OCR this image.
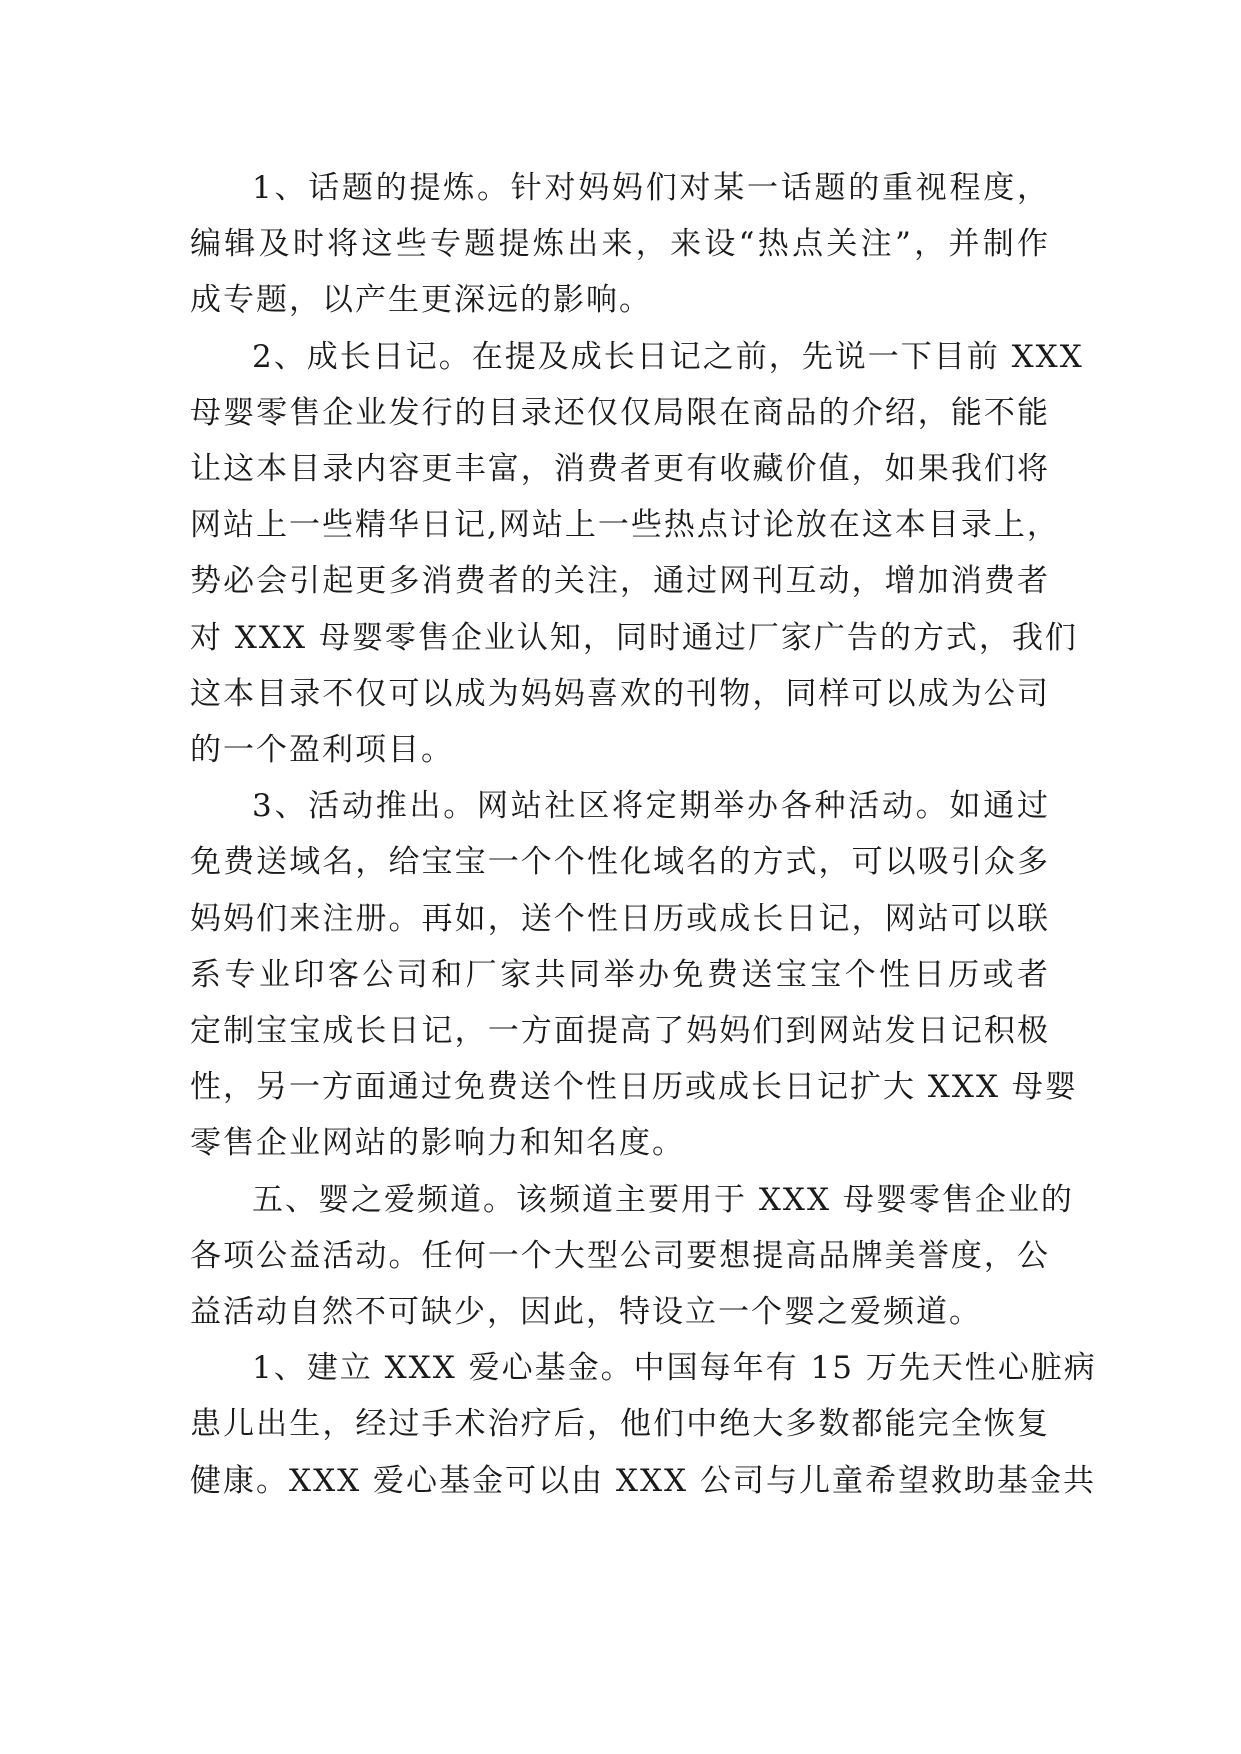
1、话题的提炼。针对妈妈们对某一话题的重视程度，
编辑及时将这些专题提炼出来，来设“热点关注”，并制作
成专题，以产生更深远的影响。

2、成长日记。在提及成长日记之前，先说一下目前 XXX
母婴零售企业发行的目录还仅仅局限在商品的介绍，能不能
让这本目录内容更丰富，消费者更有收藏价值，如果我们将
网站上一些精华日记,网站上一些热点讨论放在这本目录上，
势必会引起更多消费者的关注，通过网刊互动，增加消费者
对 XXX 母婴零售企业认知，同时通过厂家广告的方式，我们
这本目录不仅可以成为妈妈喜欢的刊物，同样可以成为公司
的一个盈利项目。

3、活动推出。网站社区将定期举办各种活动。如通过
免费送域名，给宝宝一个个性化域名的方式，可以吸引众多
妈妈们来注册。再如，送个性日历或成长日记，网站可以联
系专业印客公司和厂家共同举办免费送宝宝个性日历或者
定制宝宝成长日记，一方面提高了妈妈们到网站发日记积极
性，另一方面通过免费送个性日历或成长日记扩大 XXX 母婴
零售企业网站的影响力和知名度。

五、婴之爱频道。该频道主要用于 XXX 母婴零售企业的
各项公益活动。任何一个大型公司要想提高品牌美誉度，公
益活动自然不可缺少，因此，特设立一个婴之爱频道。

1、建立 XXX 爱心基金。中国每年有 15 万先天性心脏病
患儿出生，经过手术治疗后，他们中绝大多数都能完全恢复
健康。XXX 爱心基金可以由 XXX 公司与儿童希望救助基金共
